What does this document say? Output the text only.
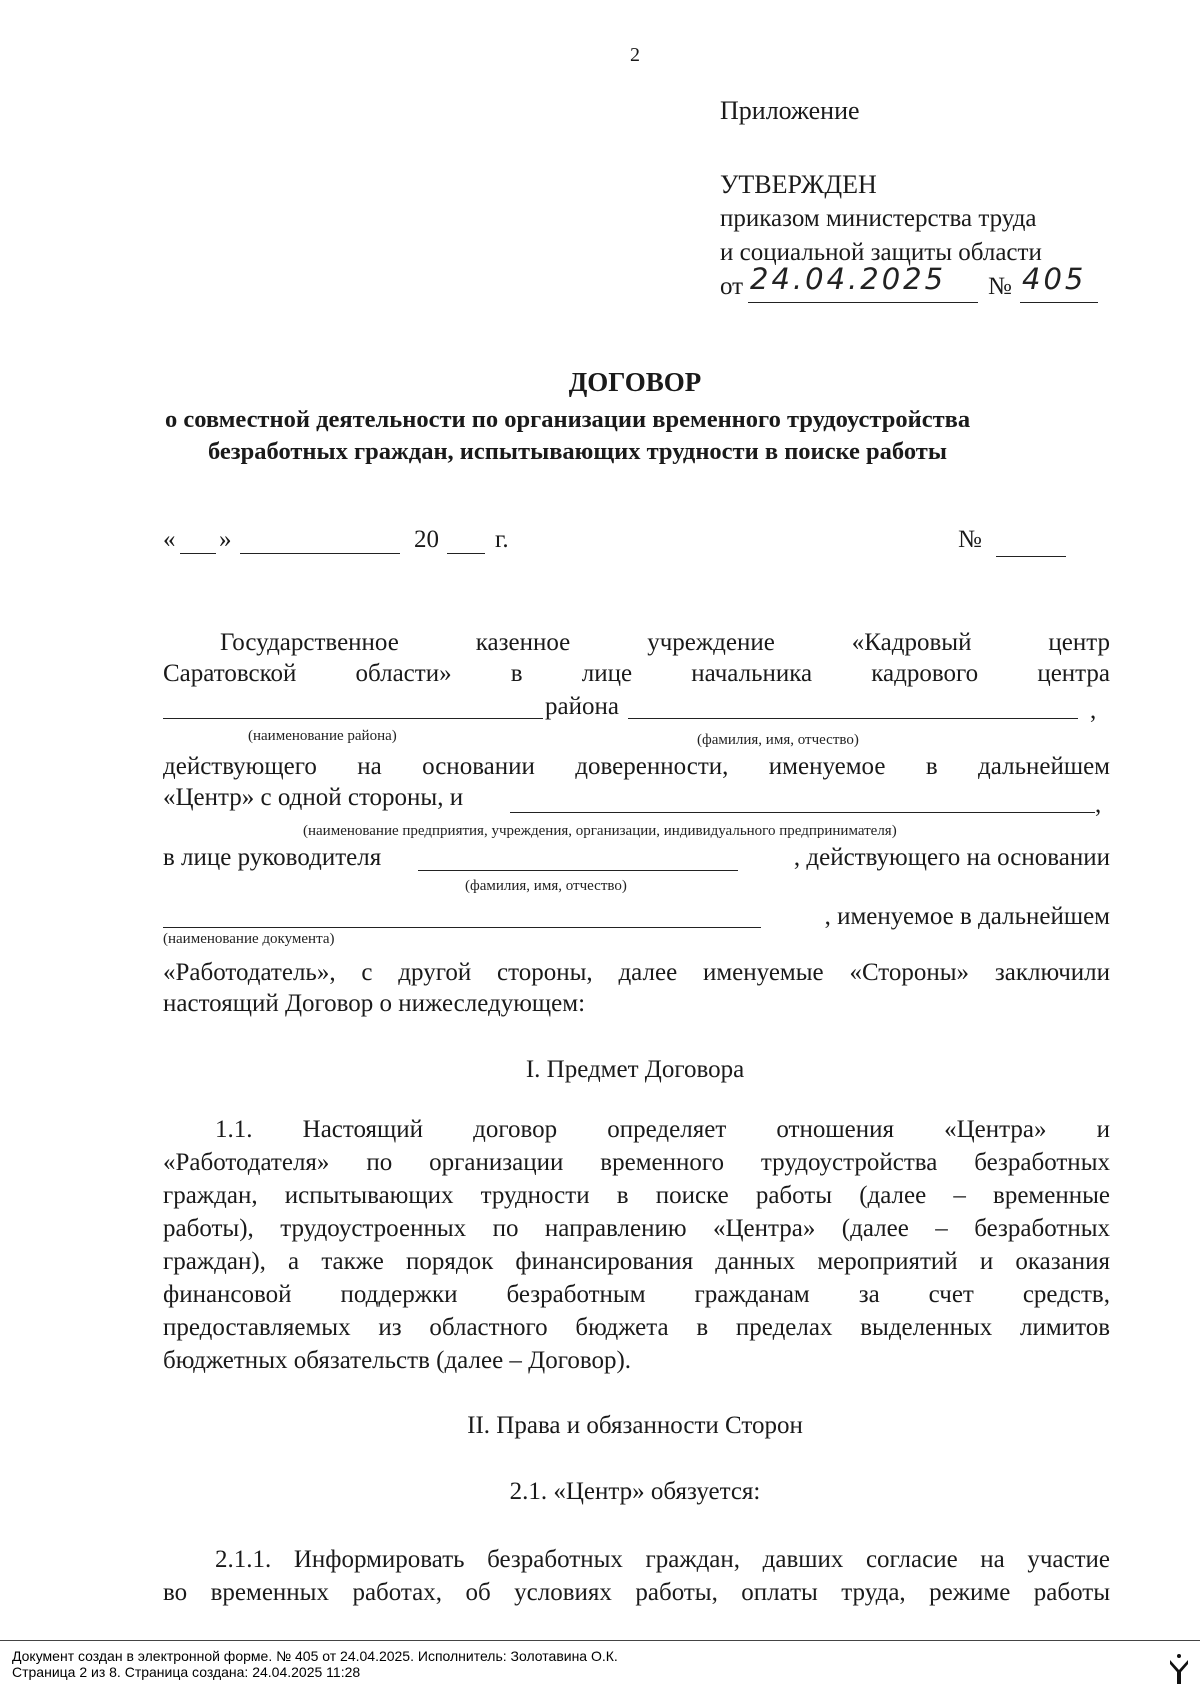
2
Приложение
УТВЕРЖДЕН
приказом министерства труда
и социальной защиты области
от 24.04.2025 № 405
ДОГОВОР
о совместной деятельности по организации временного трудоустройства
безработных граждан, испытывающих трудности в поиске работы
« »	20 г.	№
Государственное казенное учреждение «Кадровый центр
Саратовской области» в лице начальника кадрового центра
района	,
(наименование района)	(фамилия, имя, отчество)
действующего на основании доверенности, именуемое в дальнейшем
«Центр» с одной стороны, и	,
(наименование предприятия, учреждения, организации, индивидуального предпринимателя)
в лице руководителя	, действующего на основании
(фамилия, имя, отчество)
, именуемое в дальнейшем
(наименование документа)
«Работодатель», с другой стороны, далее именуемые «Стороны» заключили
настоящий Договор о нижеследующем:
I. Предмет Договора
1.1. Настоящий договор определяет отношения «Центра» и
«Работодателя» по организации временного трудоустройства безработных
граждан, испытывающих трудности в поиске работы (далее – временные
работы), трудоустроенных по направлению «Центра» (далее – безработных
граждан), а также порядок финансирования данных мероприятий и оказания
финансовой поддержки безработным гражданам за счет средств,
предоставляемых из областного бюджета в пределах выделенных лимитов
бюджетных обязательств (далее – Договор).
II. Права и обязанности Сторон
2.1. «Центр» обязуется:
2.1.1. Информировать безработных граждан, давших согласие на участие
во временных работах, об условиях работы, оплаты труда, режиме работы
Документ создан в электронной форме. № 405 от 24.04.2025. Исполнитель: Золотавина О.К.
Страница 2 из 8. Страница создана: 24.04.2025 11:28
